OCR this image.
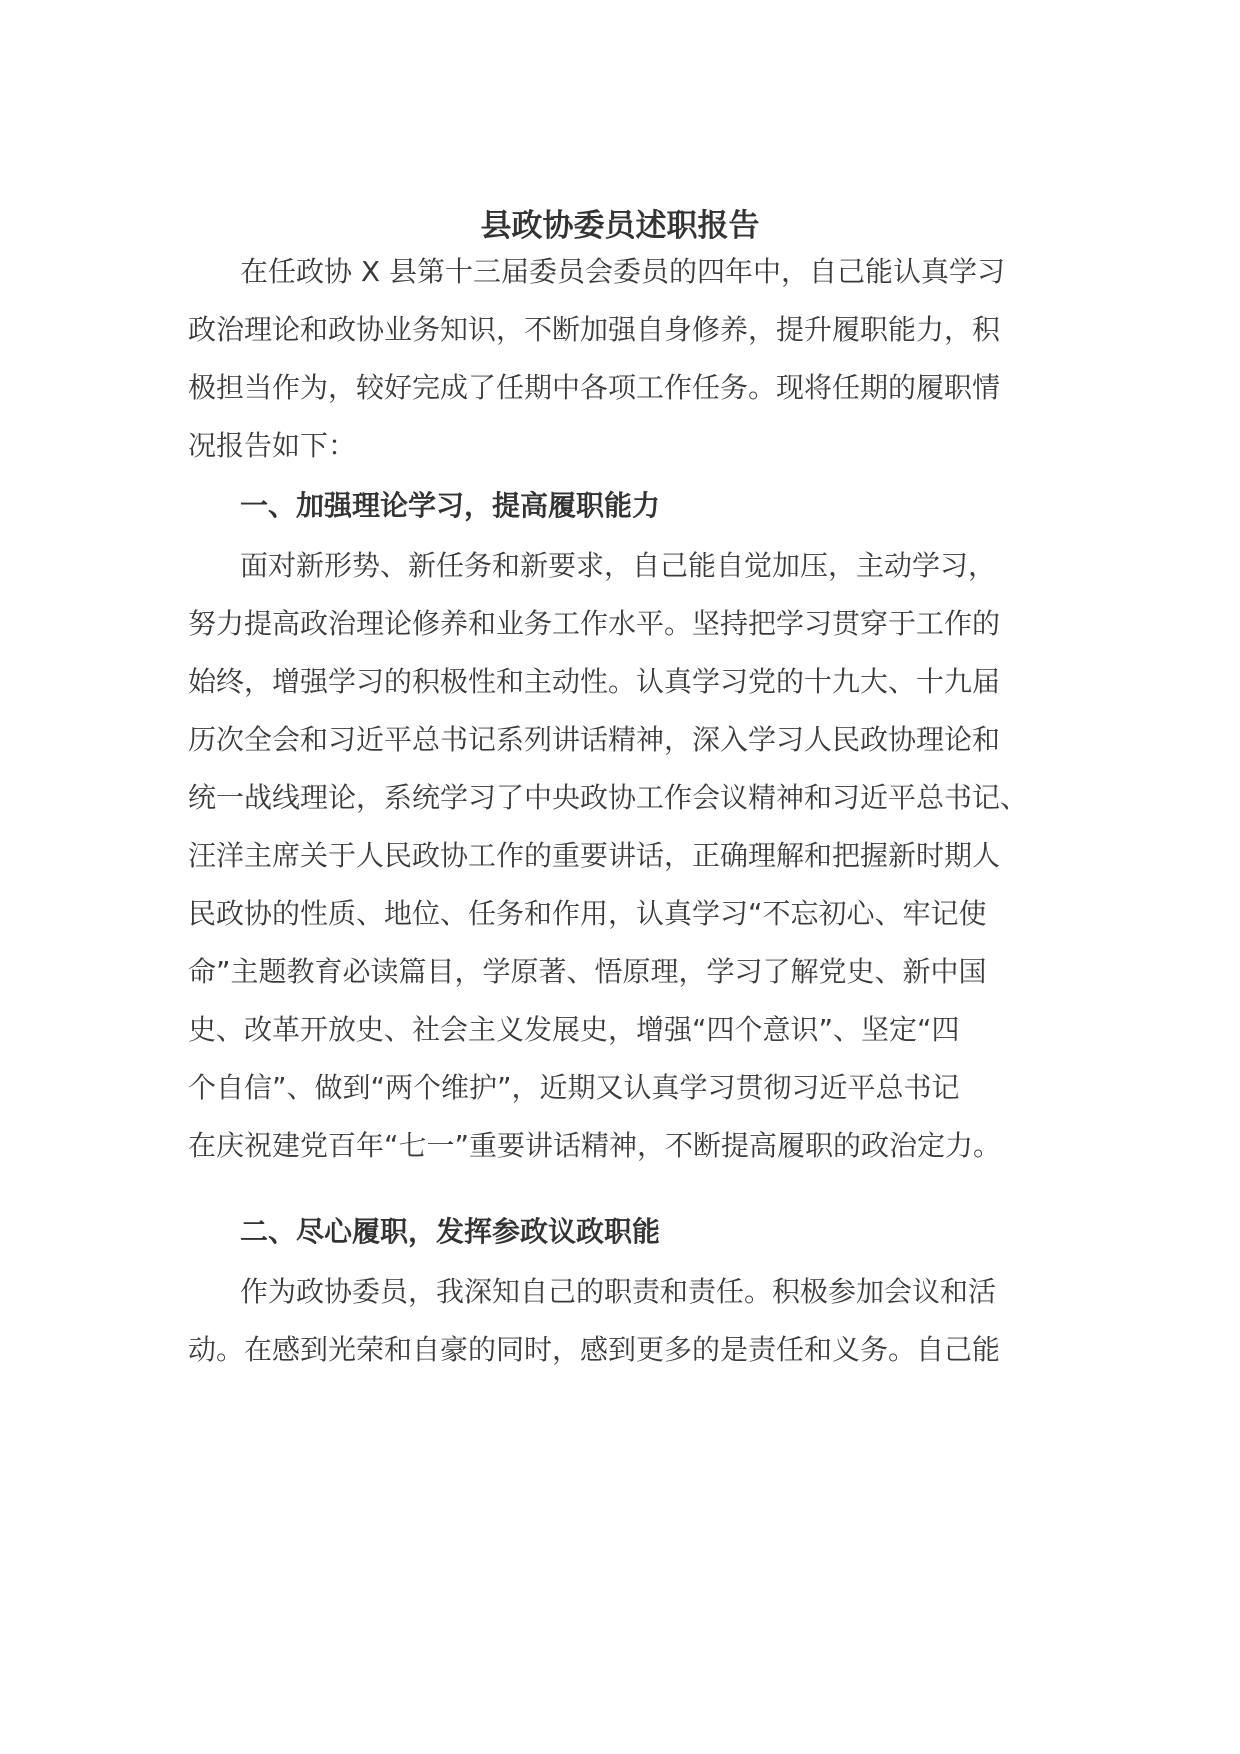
县政协委员述职报告

在任政协 X 县第十三届委员会委员的四年中，自己能认真学习

政治理论和政协业务知识，不断加强自身修养，提升履职能力，积

极担当作为，较好完成了任期中各项工作任务。现将任期的履职情

况报告如下：

一、加强理论学习，提高履职能力

面对新形势、新任务和新要求，自己能自觉加压，主动学习，

努力提高政治理论修养和业务工作水平。坚持把学习贯穿于工作的

始终，增强学习的积极性和主动性。认真学习党的十九大、十九届

历次全会和习近平总书记系列讲话精神，深入学习人民政协理论和

统一战线理论，系统学习了中央政协工作会议精神和习近平总书记、

汪洋主席关于人民政协工作的重要讲话，正确理解和把握新时期人

民政协的性质、地位、任务和作用，认真学习“不忘初心、牢记使

命”主题教育必读篇目，学原著、悟原理，学习了解党史、新中国

史、改革开放史、社会主义发展史，增强“四个意识”、坚定“四

个自信”、做到“两个维护”，近期又认真学习贯彻习近平总书记

在庆祝建党百年“七一”重要讲话精神，不断提高履职的政治定力。

二、尽心履职，发挥参政议政职能

作为政协委员，我深知自己的职责和责任。积极参加会议和活

动。在感到光荣和自豪的同时，感到更多的是责任和义务。自己能
